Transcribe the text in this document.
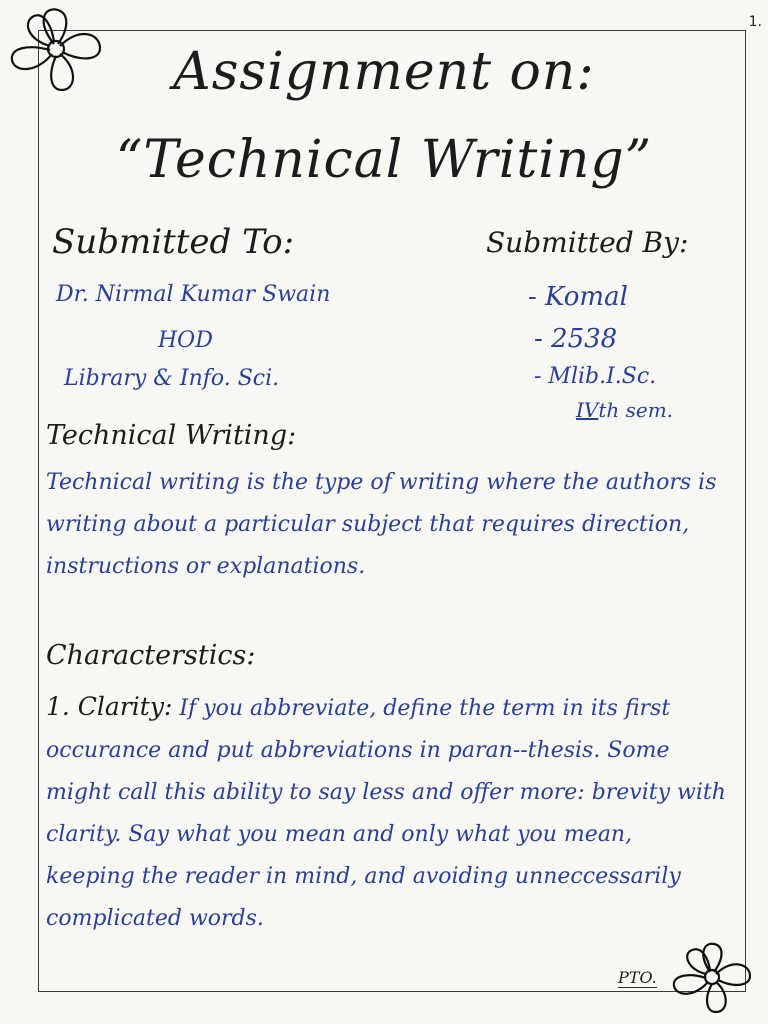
1.
Assignment on:
“Technical Writing”
Submitted To:	Submitted By:
Dr. Nirmal Kumar Swain
HOD
Library & Info. Sci.
- Komal
- 2538
- Mlib.I.Sc.
IVth sem.
Technical Writing:
Technical writing is the type of writing where the authors is writing about a particular subject that requires direction, instructions or explanations.
Characterstics:
1. Clarity: If you abbreviate, define the term in its first occurance and put abbreviations in paran--thesis. Some might call this ability to say less and offer more: brevity with clarity. Say what you mean and only what you mean, keeping the reader in mind, and avoiding unneccessarily complicated words.
PTO.
